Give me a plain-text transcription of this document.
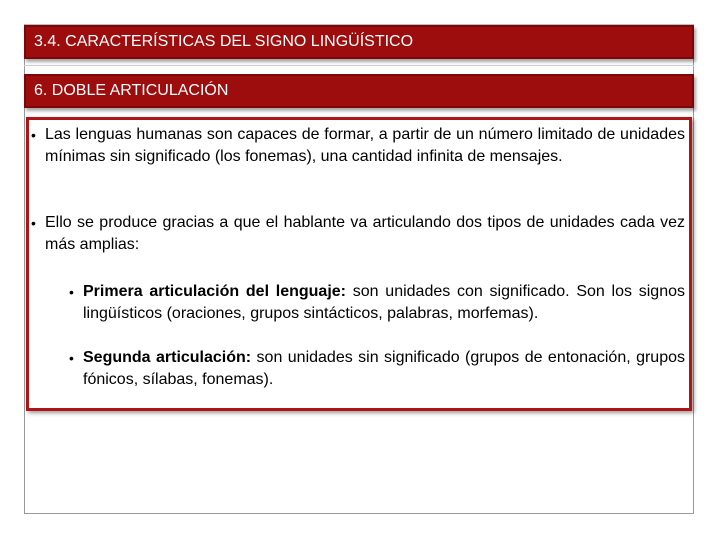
3.4. CARACTERÍSTICAS DEL SIGNO LINGÜÍSTICO
6. DOBLE ARTICULACIÓN
• Las lenguas humanas son capaces de formar, a partir de un número limitado de unidades mínimas sin significado (los fonemas), una cantidad infinita de mensajes.
• Ello se produce gracias a que el hablante va articulando dos tipos de unidades cada vez más amplias:
• Primera articulación del lenguaje: son unidades con significado. Son los signos lingüísticos (oraciones, grupos sintácticos, palabras, morfemas).
• Segunda articulación: son unidades sin significado (grupos de entonación, grupos fónicos, sílabas, fonemas).
